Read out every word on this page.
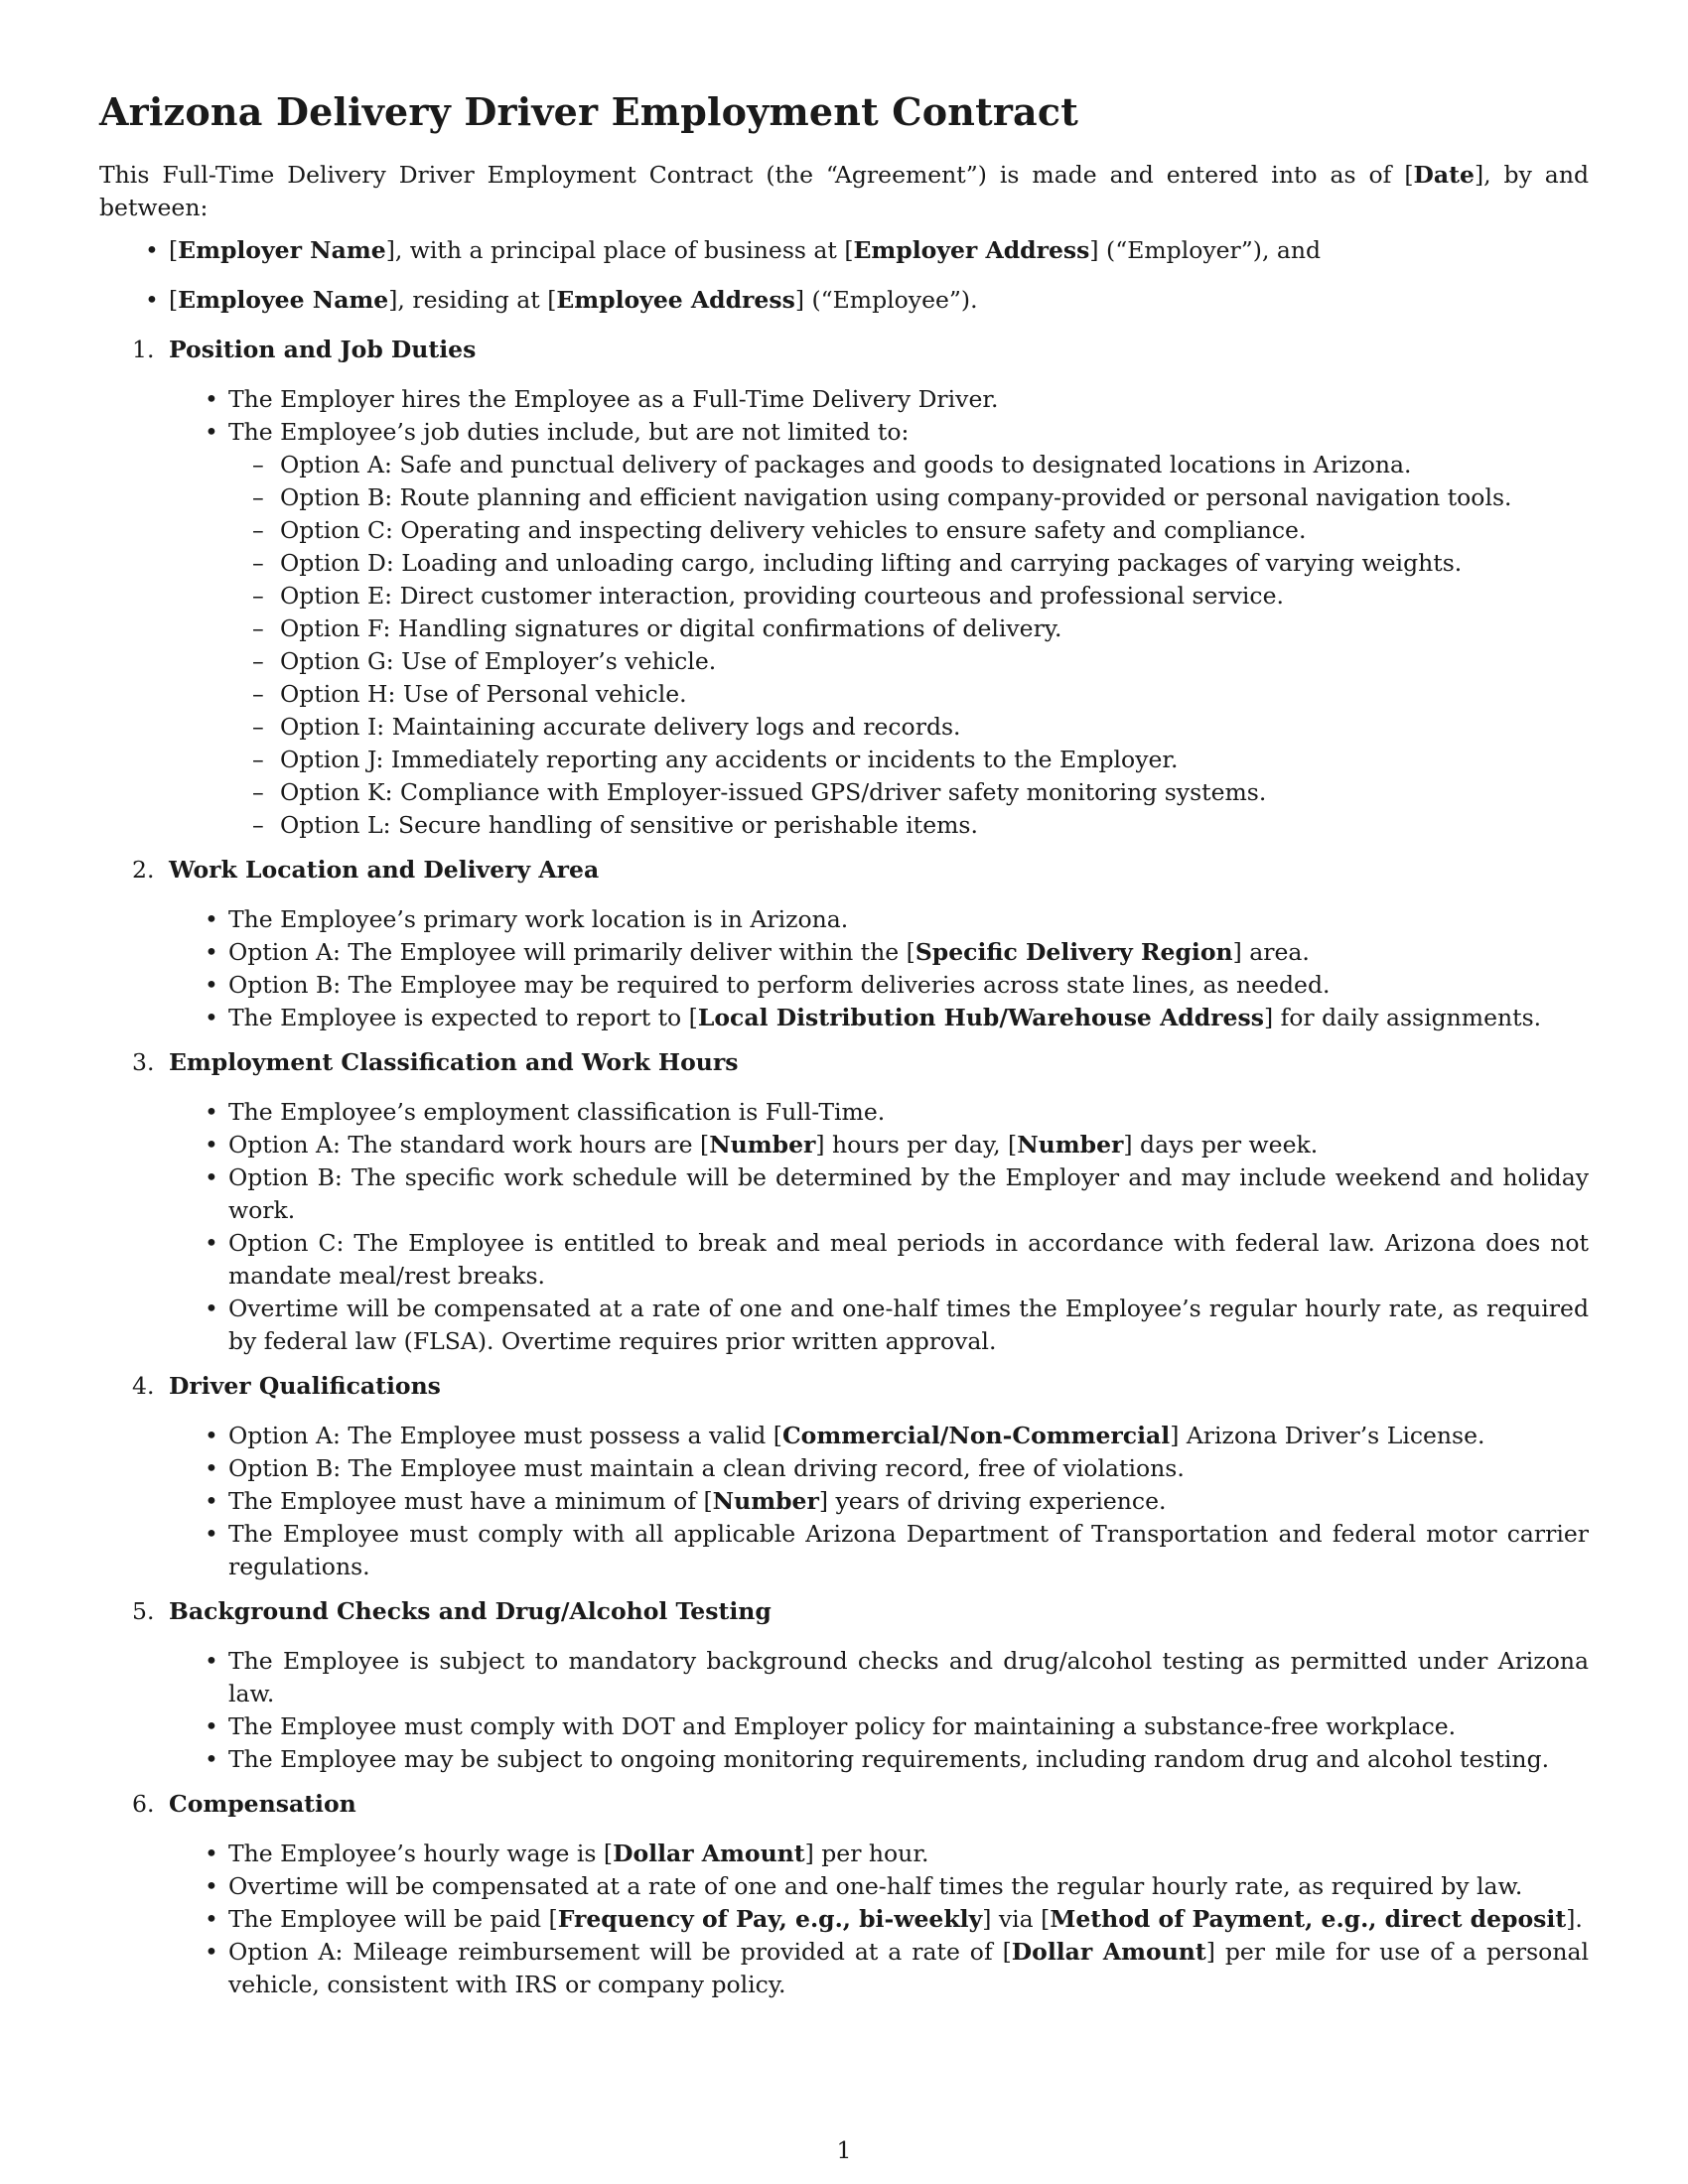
Arizona Delivery Driver Employment Contract

This Full-Time Delivery Driver Employment Contract (the “Agreement”) is made and entered into as of [Date], by and between:

• [Employer Name], with a principal place of business at [Employer Address] (“Employer”), and
• [Employee Name], residing at [Employee Address] (“Employee”).
1. Position and Job Duties
• The Employer hires the Employee as a Full-Time Delivery Driver.
• The Employee’s job duties include, but are not limited to:
– Option A: Safe and punctual delivery of packages and goods to designated locations in Arizona.
– Option B: Route planning and efficient navigation using company-provided or personal navigation tools.
– Option C: Operating and inspecting delivery vehicles to ensure safety and compliance.
– Option D: Loading and unloading cargo, including lifting and carrying packages of varying weights.
– Option E: Direct customer interaction, providing courteous and professional service.
– Option F: Handling signatures or digital confirmations of delivery.
– Option G: Use of Employer’s vehicle.
– Option H: Use of Personal vehicle.
– Option I: Maintaining accurate delivery logs and records.
– Option J: Immediately reporting any accidents or incidents to the Employer.
– Option K: Compliance with Employer-issued GPS/driver safety monitoring systems.
– Option L: Secure handling of sensitive or perishable items.
2. Work Location and Delivery Area
• The Employee’s primary work location is in Arizona.
• Option A: The Employee will primarily deliver within the [Specific Delivery Region] area.
• Option B: The Employee may be required to perform deliveries across state lines, as needed.
• The Employee is expected to report to [Local Distribution Hub/Warehouse Address] for daily assignments.
3. Employment Classification and Work Hours
• The Employee’s employment classification is Full-Time.
• Option A: The standard work hours are [Number] hours per day, [Number] days per week.
• Option B: The specific work schedule will be determined by the Employer and may include weekend and holiday work.
• Option C: The Employee is entitled to break and meal periods in accordance with federal law. Arizona does not mandate meal/rest breaks.
• Overtime will be compensated at a rate of one and one-half times the Employee’s regular hourly rate, as required by federal law (FLSA). Overtime requires prior written approval.
4. Driver Qualifications
• Option A: The Employee must possess a valid [Commercial/Non-Commercial] Arizona Driver’s License.
• Option B: The Employee must maintain a clean driving record, free of violations.
• The Employee must have a minimum of [Number] years of driving experience.
• The Employee must comply with all applicable Arizona Department of Transportation and federal motor carrier regulations.
5. Background Checks and Drug/Alcohol Testing
• The Employee is subject to mandatory background checks and drug/alcohol testing as permitted under Arizona law.
• The Employee must comply with DOT and Employer policy for maintaining a substance-free workplace.
• The Employee may be subject to ongoing monitoring requirements, including random drug and alcohol testing.
6. Compensation
• The Employee’s hourly wage is [Dollar Amount] per hour.
• Overtime will be compensated at a rate of one and one-half times the regular hourly rate, as required by law.
• The Employee will be paid [Frequency of Pay, e.g., bi-weekly] via [Method of Payment, e.g., direct deposit].
• Option A: Mileage reimbursement will be provided at a rate of [Dollar Amount] per mile for use of a personal vehicle, consistent with IRS or company policy.
1
